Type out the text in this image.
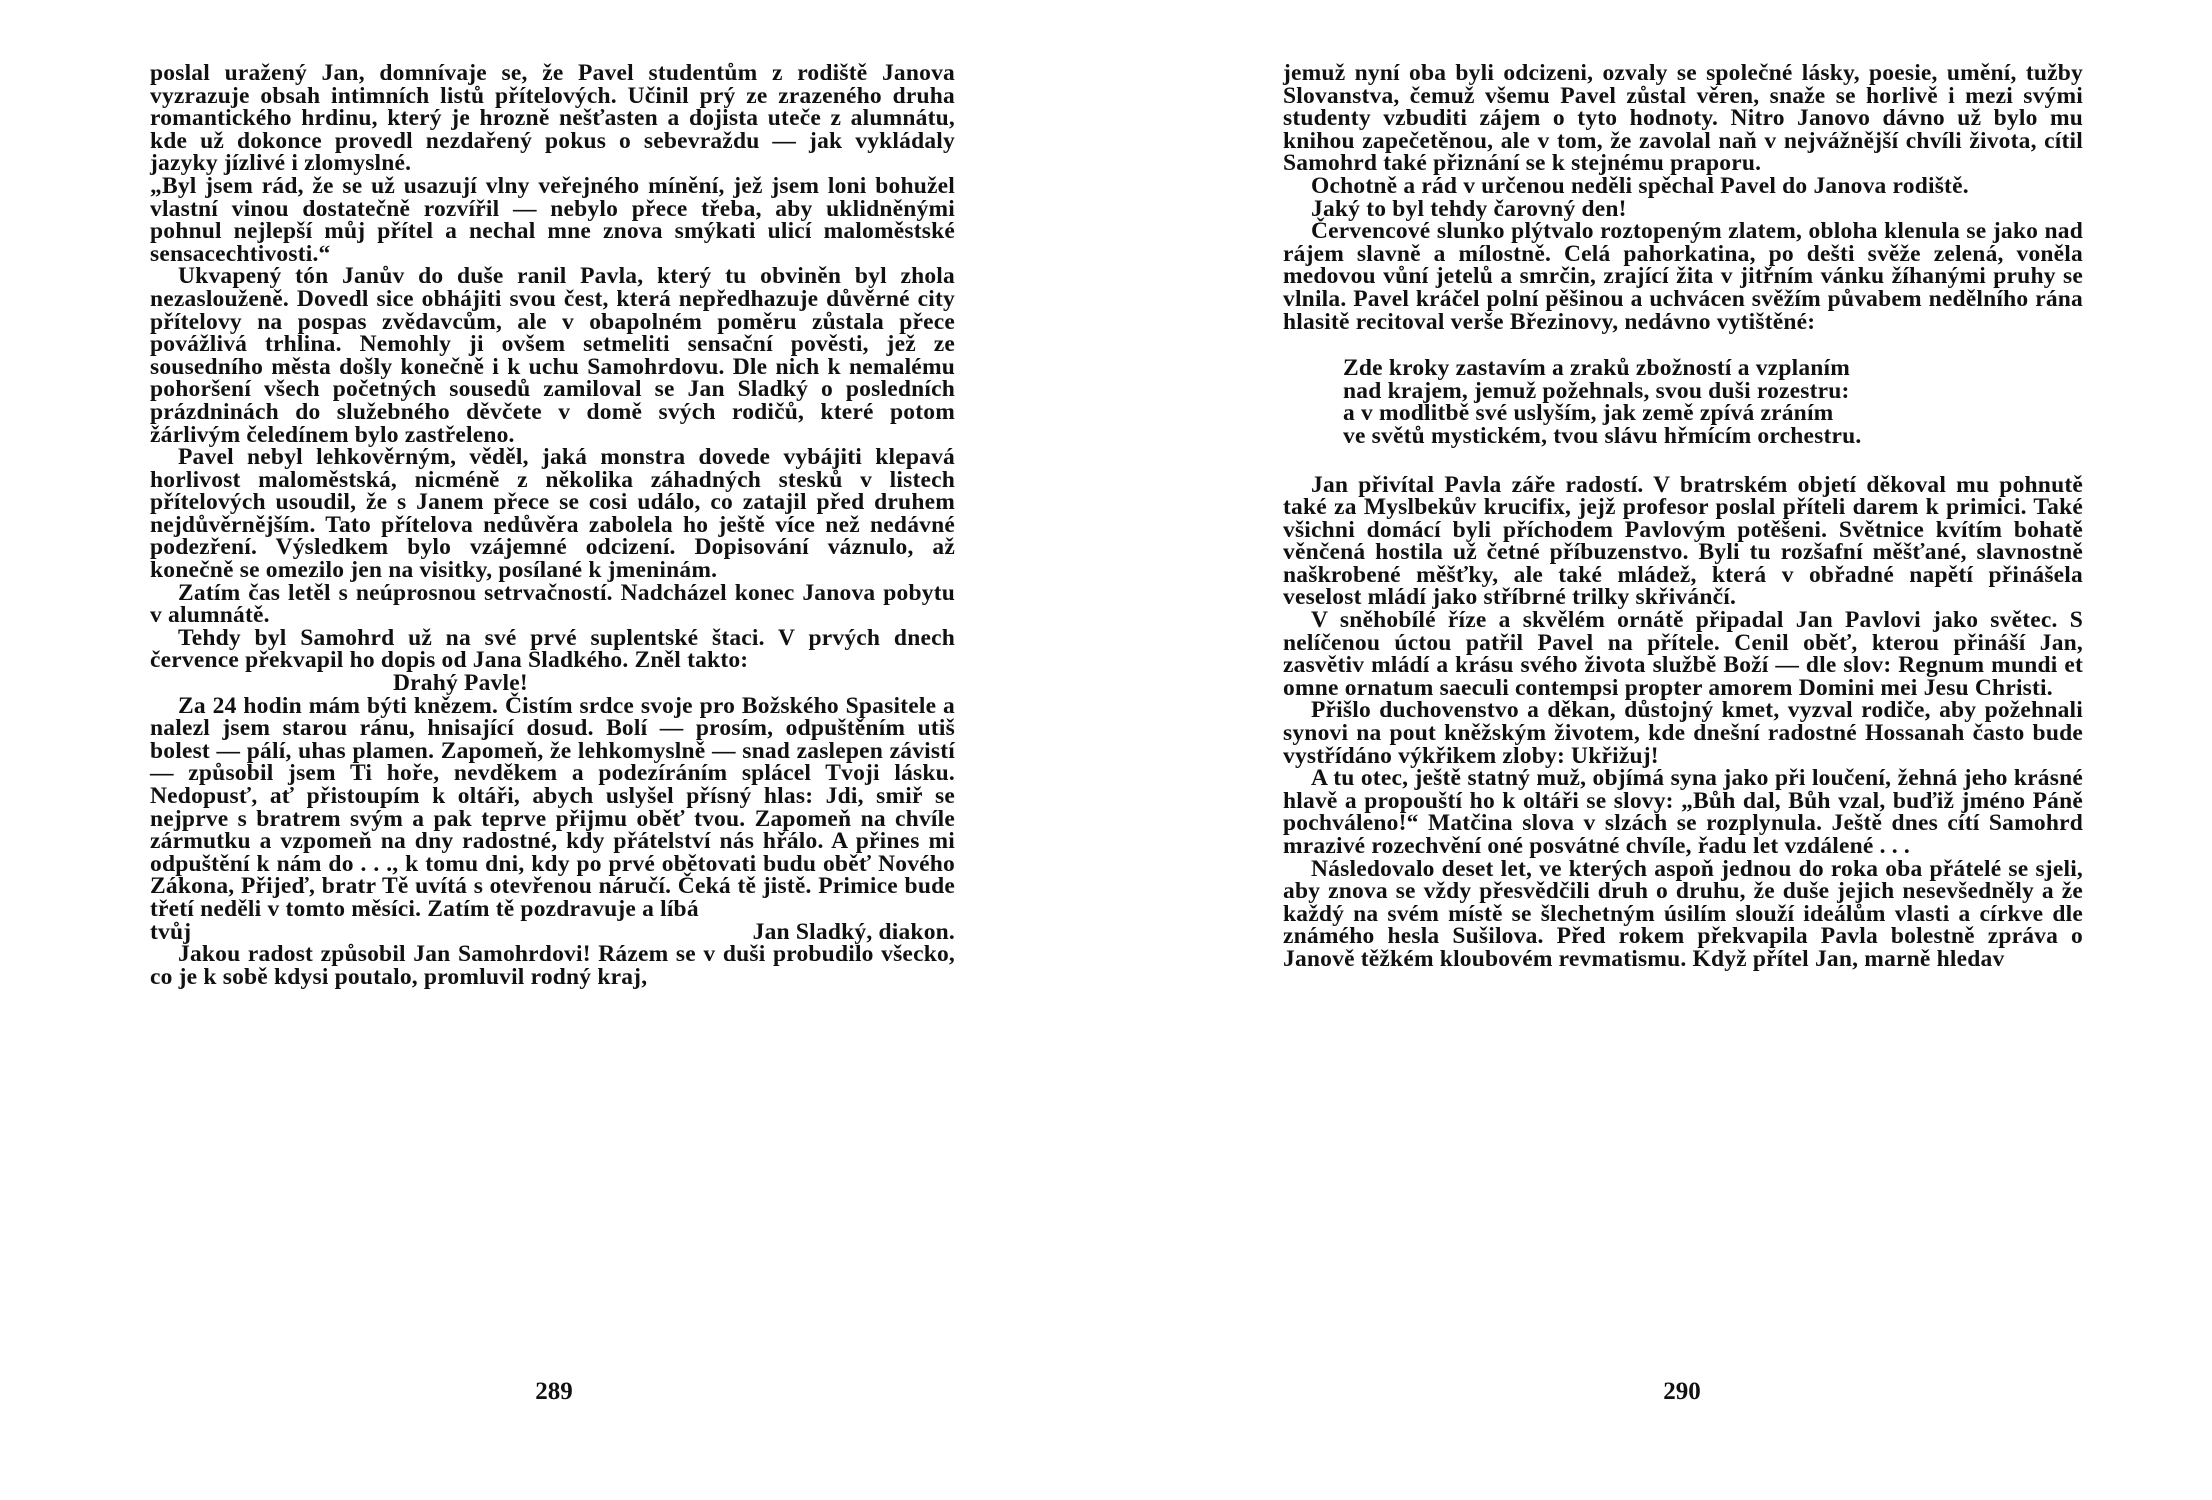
poslal uražený Jan, domnívaje se, že Pavel studentům z rodiště Janova vyzrazuje obsah intimních listů přítelových. Učinil prý ze zrazeného druha romantického hrdinu, který je hrozně nešťasten a dojista uteče z alumnátu, kde už dokonce provedl nezdařený pokus o sebevraždu — jak vykládaly jazyky jízlivé i zlomyslné.

„Byl jsem rád, že se už usazují vlny veřejného mínění, jež jsem loni bohužel vlastní vinou dostatečně rozvířil — nebylo přece třeba, aby uklidněnými pohnul nejlepší můj přítel a nechal mne znova smýkati ulicí maloměstské sensacechtivosti.“

Ukvapený tón Janův do duše ranil Pavla, který tu obviněn byl zhola nezaslouženě. Dovedl sice obhájiti svou čest, která nepředhazuje důvěrné city přítelovy na pospas zvědavcům, ale v obapolném poměru zůstala přece povážlivá trhlina. Nemohly ji ovšem setmeliti sensační pověsti, jež ze sousedního města došly konečně i k uchu Samohrdovu. Dle nich k nemalému pohoršení všech početných sousedů zamiloval se Jan Sladký o posledních prázdninách do služebného děvčete v domě svých rodičů, které potom žárlivým čeledínem bylo zastřeleno.

Pavel nebyl lehkověrným, věděl, jaká monstra dovede vybájiti klepavá horlivost maloměstská, nicméně z několika záhadných stesků v listech přítelových usoudil, že s Janem přece se cosi událo, co zatajil před druhem nejdůvěrnějším. Tato přítelova nedůvěra zabolela ho ještě více než nedávné podezření. Výsledkem bylo vzájemné odcizení. Dopisování váznulo, až konečně se omezilo jen na visitky, posílané k jmeninám.

Zatím čas letěl s neúprosnou setrvačností. Nadcházel konec Janova pobytu v alumnátě.

Tehdy byl Samohrd už na své prvé suplentské štaci. V prvých dnech července překvapil ho dopis od Jana Sladkého. Zněl takto:

Drahý Pavle!

Za 24 hodin mám býti knězem. Čistím srdce svoje pro Božského Spasitele a nalezl jsem starou ránu, hnisající dosud. Bolí — prosím, odpuštěním utiš bolest — pálí, uhas plamen. Zapomeň, že lehkomyslně — snad zaslepen závistí — způsobil jsem Ti hoře, nevděkem a podezíráním splácel Tvoji lásku. Nedopusť, ať přistoupím k oltáři, abych uslyšel přísný hlas: Jdi, smiř se nejprve s bratrem svým a pak teprve přijmu oběť tvou. Zapomeň na chvíle zármutku a vzpomeň na dny radostné, kdy přátelství nás hřálo. A přines mi odpuštění k nám do . . ., k tomu dni, kdy po prvé obětovati budu oběť Nového Zákona, Přijeď, bratr Tě uvítá s otevřenou náručí. Čeká tě jistě. Primice bude třetí neděli v tomto měsíci. Zatím tě pozdravuje a líbá

tvůj	Jan Sladký, diakon.

Jakou radost způsobil Jan Samohrdovi! Rázem se v duši probudilo všecko, co je k sobě kdysi poutalo, promluvil rodný kraj,

289

jemuž nyní oba byli odcizeni, ozvaly se společné lásky, poesie, umění, tužby Slovanstva, čemuž všemu Pavel zůstal věren, snaže se horlivě i mezi svými studenty vzbuditi zájem o tyto hodnoty. Nitro Janovo dávno už bylo mu knihou zapečetěnou, ale v tom, že zavolal naň v nejvážnější chvíli života, cítil Samohrd také přiznání se k stejnému praporu.

Ochotně a rád v určenou neděli spěchal Pavel do Janova rodiště.

Jaký to byl tehdy čarovný den!

Červencové slunko plýtvalo roztopeným zlatem, obloha klenula se jako nad rájem slavně a mílostně. Celá pahorkatina, po dešti svěže zelená, voněla medovou vůní jetelů a smrčin, zrající žita v jitřním vánku žíhanými pruhy se vlnila. Pavel kráčel polní pěšinou a uchvácen svěžím půvabem nedělního rána hlasitě recitoval verše Březinovy, nedávno vytištěné:

Zde kroky zastavím a zraků zbožností a vzplaním
nad krajem, jemuž požehnals, svou duši rozestru:
a v modlitbě své uslyším, jak země zpívá zráním
ve světů mystickém, tvou slávu hřmícím orchestru.

Jan přivítal Pavla záře radostí. V bratrském objetí děkoval mu pohnutě také za Myslbekův krucifix, jejž profesor poslal příteli darem k primici. Také všichni domácí byli příchodem Pavlovým potěšeni. Světnice kvítím bohatě věnčená hostila už četné příbuzenstvo. Byli tu rozšafní měšťané, slavnostně naškrobené měšťky, ale také mládež, která v obřadné napětí přinášela veselost mládí jako stříbrné trilky skřivánčí.

V sněhobílé říze a skvělém ornátě připadal Jan Pavlovi jako světec. S nelíčenou úctou patřil Pavel na přítele. Cenil oběť, kterou přináší Jan, zasvětiv mládí a krásu svého života službě Boží — dle slov: Regnum mundi et omne ornatum saeculi contempsi propter amorem Domini mei Jesu Christi.

Přišlo duchovenstvo a děkan, důstojný kmet, vyzval rodiče, aby požehnali synovi na pout kněžským životem, kde dnešní radostné Hossanah často bude vystřídáno výkřikem zloby: Ukřižuj!

A tu otec, ještě statný muž, objímá syna jako při loučení, žehná jeho krásné hlavě a propouští ho k oltáři se slovy: „Bůh dal, Bůh vzal, buďiž jméno Páně pochváleno!“ Matčina slova v slzách se rozplynula. Ještě dnes cítí Samohrd mrazivé rozechvění oné posvátné chvíle, řadu let vzdálené . . .

Následovalo deset let, ve kterých aspoň jednou do roka oba přátelé se sjeli, aby znova se vždy přesvědčili druh o druhu, že duše jejich nesevšedněly a že každý na svém místě se šlechetným úsilím slouží ideálům vlasti a církve dle známého hesla Sušilova. Před rokem překvapila Pavla bolestně zpráva o Janově těžkém kloubovém revmatismu. Když přítel Jan, marně hledav

290
